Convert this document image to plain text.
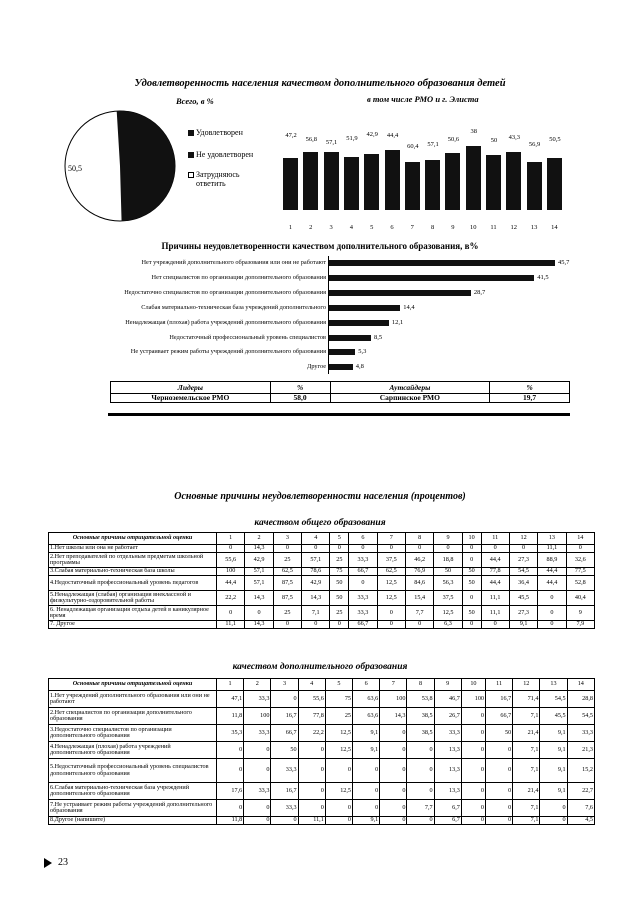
Удовлетворенность населения качеством дополнительного образования детей
Всего, в %	в том числе РМО и г. Элиста
50,5
Удовлетворен
Не удовлетворен
Затрудняюсь ответить
47,2
1
56,8
2
57,1
3
51,9
4
42,9
5
44,4
6
60,4
7
57,1
8
50,6
9
38
10
50
11
43,3
12
56,9
13
50,5
14
Причины неудовлетворенности качеством дополнительного образования, в%
Нет учреждений дополнительного образования или они не работают	45,7
Нет специалистов по организации дополнительного образования	41,5
Недостаточно специалистов по организации дополнительного образования	28,7
Слабая материально-техническая база учреждений дополнительного	14,4
Ненадлежащая (плохая) работа учреждений дополнительного образования	12,1
Недостаточный профессиональный уровень специалистов	8,5
Не устраивает режим работы учреждений дополнительного образования	5,3
Другое	4,8
Лидеры	%	Аутсайдеры	%
Черноземельское РМО	58,0	Сарпинское РМО	19,7
Основные причины неудовлетворенности населения (процентов)
качеством общего образования
Основные причины отрицательной оценки	1	2	3	4	5	6	7	8	9	10	11	12	13	14
1.Нет школы или она не работает	0	14,3	0	0	0	0	0	0	0	0	0	0	11,1	0
2.Нет преподавателей по отдельным предметам школьной программы	55,6	42,9	25	57,1	25	33,3	37,5	46,2	18,8	0	44,4	27,3	88,9	32,6
3.Слабая материально-техническая база школы	100	57,1	62,5	78,6	75	66,7	62,5	76,9	50	50	77,8	54,5	44,4	77,5
4.Недостаточный профессиональный уровень педагогов	44,4	57,1	87,5	42,9	50	0	12,5	84,6	56,3	50	44,4	36,4	44,4	52,8
5.Ненадлежащая (слабая) организация внеклассной и физкультурно-оздоровительной работы	22,2	14,3	87,5	14,3	50	33,3	12,5	15,4	37,5	0	11,1	45,5	0	40,4
6. Ненадлежащая организация отдыха детей в каникулярное время	0	0	25	7,1	25	33,3	0	7,7	12,5	50	11,1	27,3	0	9
7. Другое	11,1	14,3	0	0	0	66,7	0	0	6,3	0	0	9,1	0	7,9
качеством дополнительного образования
Основные причины отрицательной оценки	1	2	3	4	5	6	7	8	9	10	11	12	13	14
1.Нет учреждений дополнительного образования или они не работают	47,1	33,3	0	55,6	75	63,6	100	53,8	46,7	100	16,7	71,4	54,5	28,8
2.Нет специалистов по организации дополнительного образования	11,8	100	16,7	77,8	25	63,6	14,3	38,5	26,7	0	66,7	7,1	45,5	54,5
3.Недостаточно специалистов по организации дополнительного образования	35,3	33,3	66,7	22,2	12,5	9,1	0	38,5	33,3	0	50	21,4	9,1	33,3
4.Ненадлежащая (плохая) работа учреждений дополнительного образования	0	0	50	0	12,5	9,1	0	0	13,3	0	0	7,1	9,1	21,3
5.Недостаточный профессиональный уровень специалистов дополнительного образования	0	0	33,3	0	0	0	0	0	13,3	0	0	7,1	9,1	15,2
6.Слабая материально-техническая база учреждений дополнительного образования	17,6	33,3	16,7	0	12,5	0	0	0	13,3	0	0	21,4	9,1	22,7
7.Не устраивает режим работы учреждений дополнительного образования	0	0	33,3	0	0	0	0	7,7	6,7	0	0	7,1	0	7,6
8.Другое (напишите)	11,8	0	0	11,1	0	9,1	0	0	6,7	0	0	7,1	0	4,5
23
